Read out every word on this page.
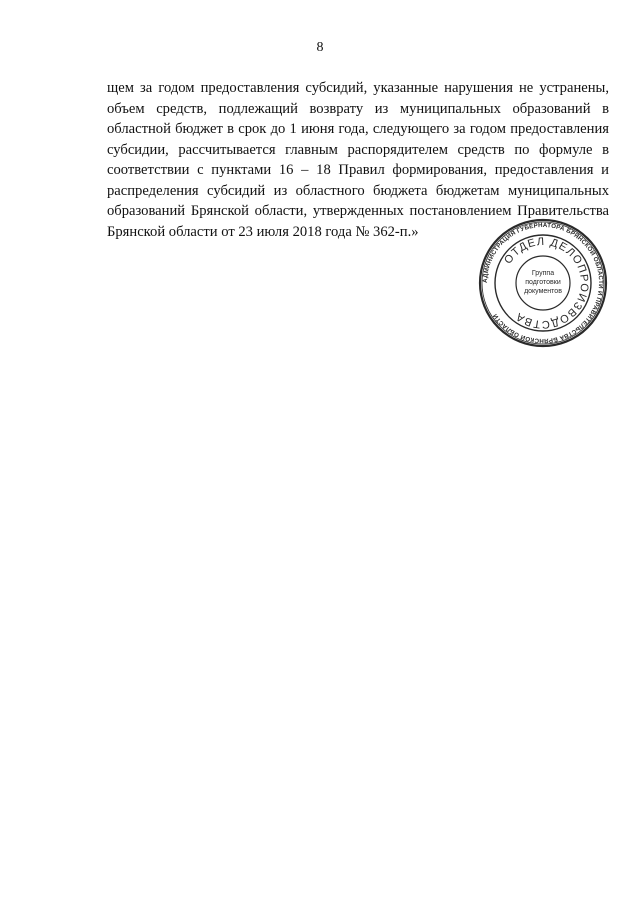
8

щем за годом предоставления субсидий, указанные нарушения не устранены, объем средств, подлежащий возврату из муниципальных образований в областной бюджет в срок до 1 июня года, следующего за годом предоставления субсидии, рассчитывается главным распорядителем средств по формуле в соответствии с пунктами 16 – 18 Правил формирования, предоставления и распределения субсидий из областного бюджета бюджетам муниципальных образований Брянской области, утвержденных постановлением Правительства Брянской области от 23 июля 2018 года № 362-п.»

АДМИНИСТРАЦИЯ ГУБЕРНАТОРА БРЯНСКОЙ ОБЛАСТИ И ПРАВИТЕЛЬСТВА БРЯНСКОЙ ОБЛАСТИ
ОТДЕЛ ДЕЛОПРОИЗВОДСТВА
Группа
подготовки
документов
